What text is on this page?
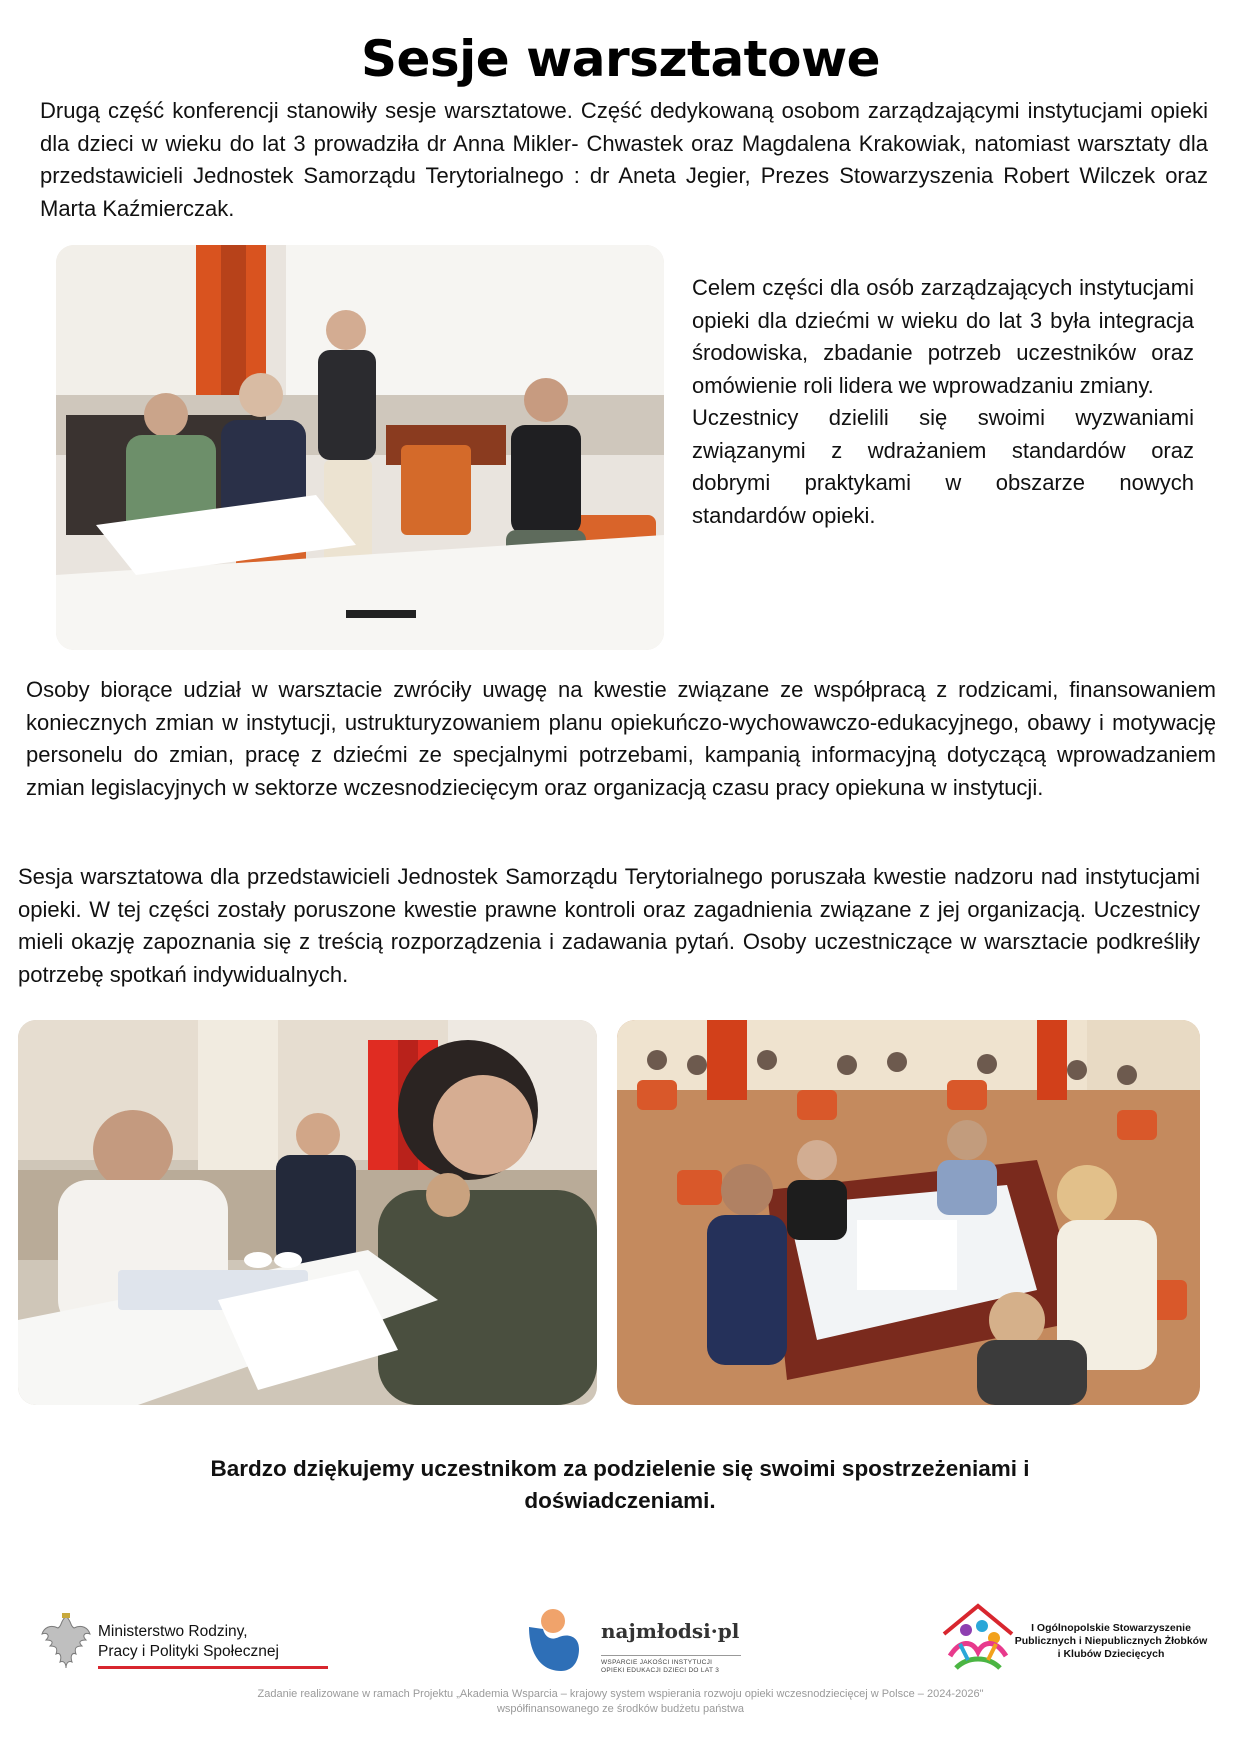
Sesje warsztatowe

Drugą część konferencji stanowiły sesje warsztatowe. Część dedykowaną osobom zarządzającymi instytucjami opieki dla dzieci w wieku do lat 3 prowadziła dr Anna Mikler- Chwastek oraz Magdalena Krakowiak, natomiast warsztaty dla przedstawicieli Jednostek Samorządu Terytorialnego : dr Aneta Jegier, Prezes Stowarzyszenia Robert Wilczek oraz Marta Kaźmierczak.

Celem części dla osób zarządzających instytucjami opieki dla dziećmi w wieku do lat 3 była integracja środowiska, zbadanie potrzeb uczestników oraz omówienie roli lidera we wprowadzaniu zmiany.

Uczestnicy dzielili się swoimi wyzwaniami związanymi z wdrażaniem standardów oraz dobrymi praktykami w obszarze nowych standardów opieki.

Osoby biorące udział w warsztacie zwróciły uwagę na kwestie związane ze współpracą z rodzicami, finansowaniem koniecznych zmian w instytucji, ustrukturyzowaniem planu opiekuńczo-wychowawczo-edukacyjnego, obawy i motywację personelu do zmian, pracę z dziećmi ze specjalnymi potrzebami, kampanią informacyjną dotyczącą wprowadzaniem zmian legislacyjnych w sektorze wczesnodziecięcym oraz organizacją czasu pracy opiekuna w instytucji.

Sesja warsztatowa dla przedstawicieli Jednostek Samorządu Terytorialnego poruszała kwestie nadzoru nad instytucjami opieki. W tej części zostały poruszone kwestie prawne kontroli oraz zagadnienia związane z jej organizacją. Uczestnicy mieli okazję zapoznania się z treścią rozporządzenia i zadawania pytań. Osoby uczestniczące w warsztacie podkreśliły potrzebę spotkań indywidualnych.

Bardzo dziękujemy uczestnikom za podzielenie się swoimi spostrzeżeniami i doświadczeniami.

Ministerstwo Rodziny,
Pracy i Polityki Społecznej
najmłodsi·pl
WSPARCIE JAKOŚCI INSTYTUCJI
OPIEKI EDUKACJI DZIECI DO LAT 3
I Ogólnopolskie Stowarzyszenie
Publicznych i Niepublicznych Żłobków
i Klubów Dziecięcych
Zadanie realizowane w ramach Projektu „Akademia Wsparcia – krajowy system wspierania rozwoju opieki wczesnodziecięcej w Polsce – 2024-2026"
współfinansowanego ze środków budżetu państwa
